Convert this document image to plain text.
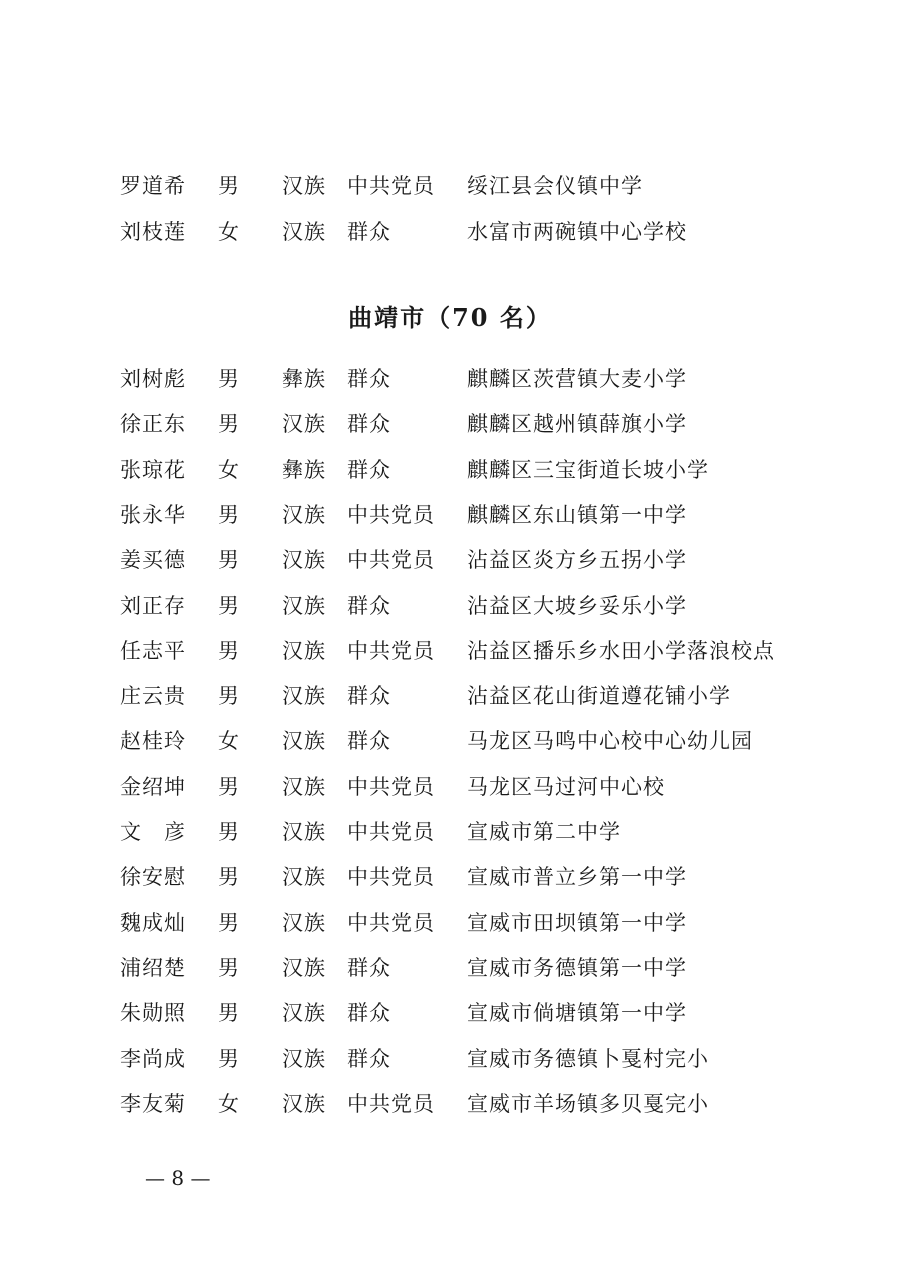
罗道希 男 汉族 中共党员 绥江县会仪镇中学
刘枝莲 女 汉族 群众	水富市两碗镇中心学校
曲靖市（70 名）
刘树彪 男 彝族 群众	麒麟区茨营镇大麦小学
徐正东 男 汉族 群众	麒麟区越州镇薛旗小学
张琼花 女 彝族 群众	麒麟区三宝街道长坡小学
张永华 男 汉族 中共党员 麒麟区东山镇第一中学
姜买德 男 汉族 中共党员 沾益区炎方乡五拐小学
刘正存 男 汉族 群众	沾益区大坡乡妥乐小学
任志平 男 汉族 中共党员 沾益区播乐乡水田小学落浪校点
庄云贵 男 汉族 群众	沾益区花山街道遵花铺小学
赵桂玲 女 汉族 群众	马龙区马鸣中心校中心幼儿园
金绍坤 男 汉族 中共党员 马龙区马过河中心校
文　彦 男 汉族 中共党员 宣威市第二中学
徐安慰 男 汉族 中共党员 宣威市普立乡第一中学
魏成灿 男 汉族 中共党员 宣威市田坝镇第一中学
浦绍楚 男 汉族 群众	宣威市务德镇第一中学
朱勋照 男 汉族 群众	宣威市倘塘镇第一中学
李尚成 男 汉族 群众	宣威市务德镇卜戛村完小
李友菊 女 汉族 中共党员 宣威市羊场镇多贝戛完小
— 8 —
